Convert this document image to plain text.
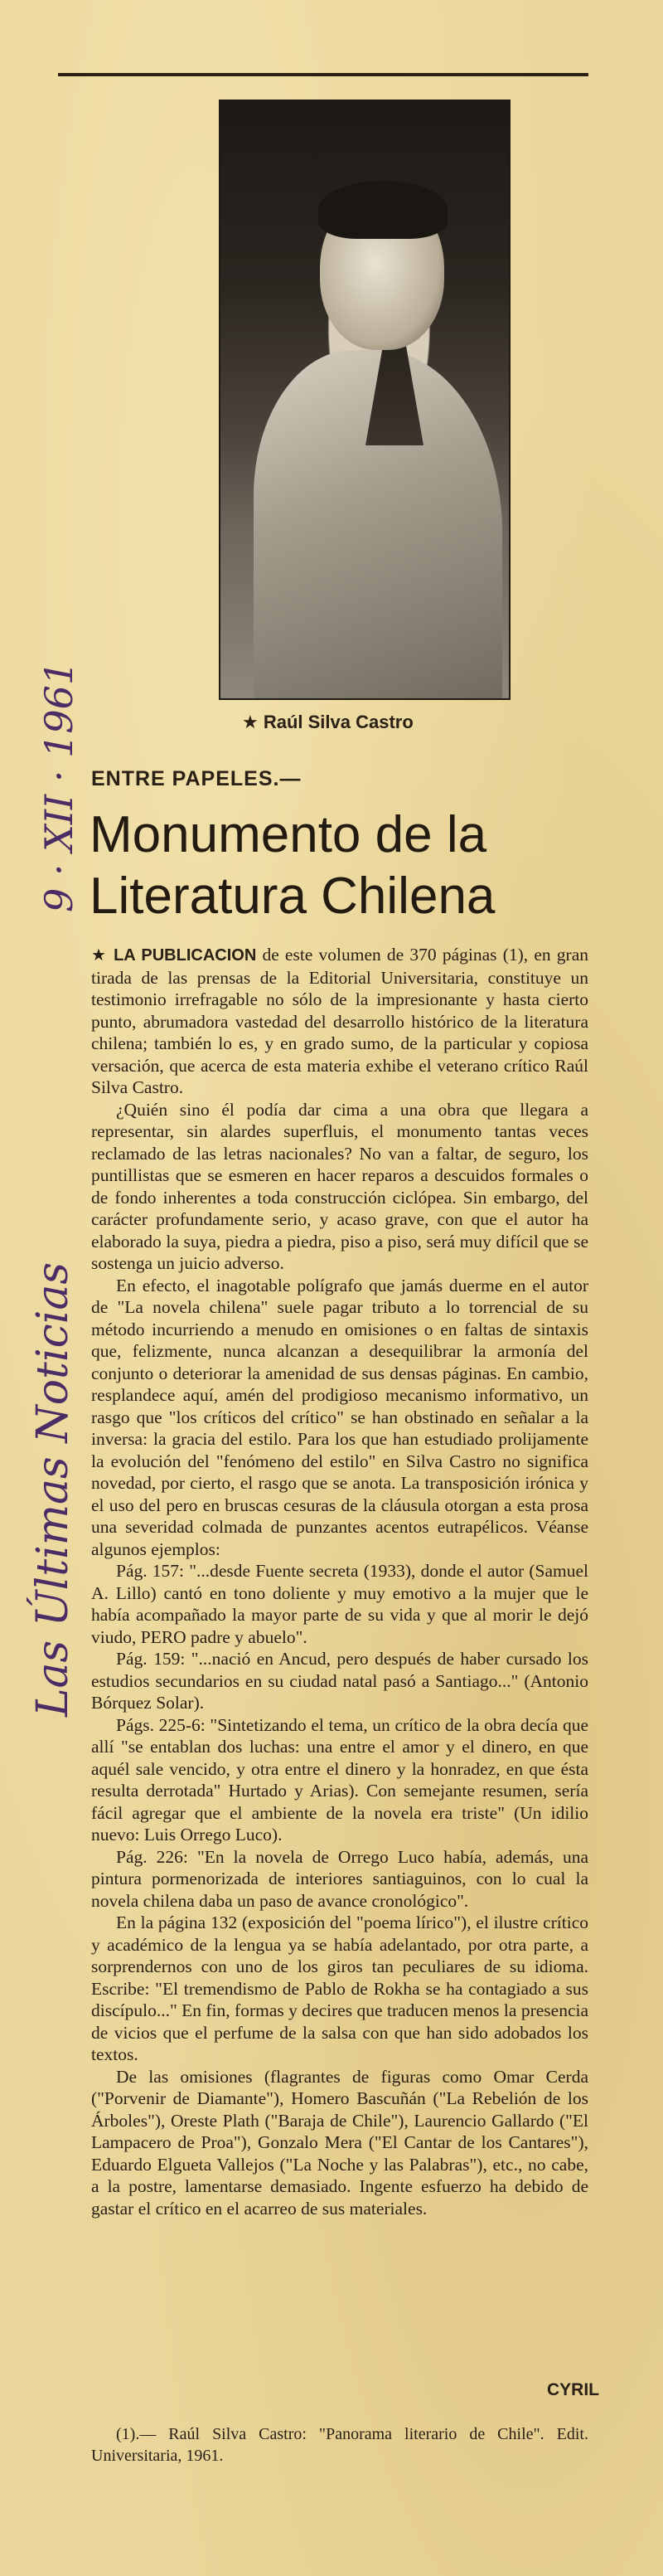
★ Raúl Silva Castro
9 · XII · 1961
Las Últimas Noticias
ENTRE PAPELES.—
Monumento de la Literatura Chilena

★ LA PUBLICACION de este volumen de 370 páginas (1), en gran tirada de las prensas de la Editorial Universitaria, constituye un testimonio irrefragable no sólo de la impresionante y hasta cierto punto, abrumadora vastedad del desarrollo histórico de la literatura chilena; también lo es, y en grado sumo, de la particular y copiosa versación, que acerca de esta materia exhibe el veterano crítico Raúl Silva Castro.

¿Quién sino él podía dar cima a una obra que llegara a representar, sin alardes superfluis, el monumento tantas veces reclamado de las letras nacionales? No van a faltar, de seguro, los puntillistas que se esmeren en hacer reparos a descuidos formales o de fondo inherentes a toda construcción ciclópea. Sin embargo, del carácter profundamente serio, y acaso grave, con que el autor ha elaborado la suya, piedra a piedra, piso a piso, será muy difícil que se sostenga un juicio adverso.

En efecto, el inagotable polígrafo que jamás duerme en el autor de "La novela chilena" suele pagar tributo a lo torrencial de su método incurriendo a menudo en omisiones o en faltas de sintaxis que, felizmente, nunca alcanzan a desequilibrar la armonía del conjunto o deteriorar la amenidad de sus densas páginas. En cambio, resplandece aquí, amén del prodigioso mecanismo informativo, un rasgo que "los críticos del crítico" se han obstinado en señalar a la inversa: la gracia del estilo. Para los que han estudiado prolijamente la evolución del "fenómeno del estilo" en Silva Castro no significa novedad, por cierto, el rasgo que se anota. La transposición irónica y el uso del pero en bruscas cesuras de la cláusula otorgan a esta prosa una severidad colmada de punzantes acentos eutrapélicos. Véanse algunos ejemplos:

Pág. 157: "...desde Fuente secreta (1933), donde el autor (Samuel A. Lillo) cantó en tono doliente y muy emotivo a la mujer que le había acompañado la mayor parte de su vida y que al morir le dejó viudo, PERO padre y abuelo".

Pág. 159: "...nació en Ancud, pero después de haber cursado los estudios secundarios en su ciudad natal pasó a Santiago..." (Antonio Bórquez Solar).

Págs. 225-6: "Sintetizando el tema, un crítico de la obra decía que allí "se entablan dos luchas: una entre el amor y el dinero, en que aquél sale vencido, y otra entre el dinero y la honradez, en que ésta resulta derrotada" Hurtado y Arias). Con semejante resumen, sería fácil agregar que el ambiente de la novela era triste" (Un idilio nuevo: Luis Orrego Luco).

Pág. 226: "En la novela de Orrego Luco había, además, una pintura pormenorizada de interiores santiaguinos, con lo cual la novela chilena daba un paso de avance cronológico".

En la página 132 (exposición del "poema lírico"), el ilustre crítico y académico de la lengua ya se había adelantado, por otra parte, a sorprendernos con uno de los giros tan peculiares de su idioma. Escribe: "El tremendismo de Pablo de Rokha se ha contagiado a sus discípulo..." En fin, formas y decires que traducen menos la presencia de vicios que el perfume de la salsa con que han sido adobados los textos.

De las omisiones (flagrantes de figuras como Omar Cerda ("Porvenir de Diamante"), Homero Bascuñán ("La Rebelión de los Árboles"), Oreste Plath ("Baraja de Chile"), Laurencio Gallardo ("El Lampacero de Proa"), Gonzalo Mera ("El Cantar de los Cantares"), Eduardo Elgueta Vallejos ("La Noche y las Palabras"), etc., no cabe, a la postre, lamentarse demasiado. Ingente esfuerzo ha debido de gastar el crítico en el acarreo de sus materiales.

CYRIL
(1).— Raúl Silva Castro: "Panorama literario de Chile". Edit. Universitaria, 1961.
